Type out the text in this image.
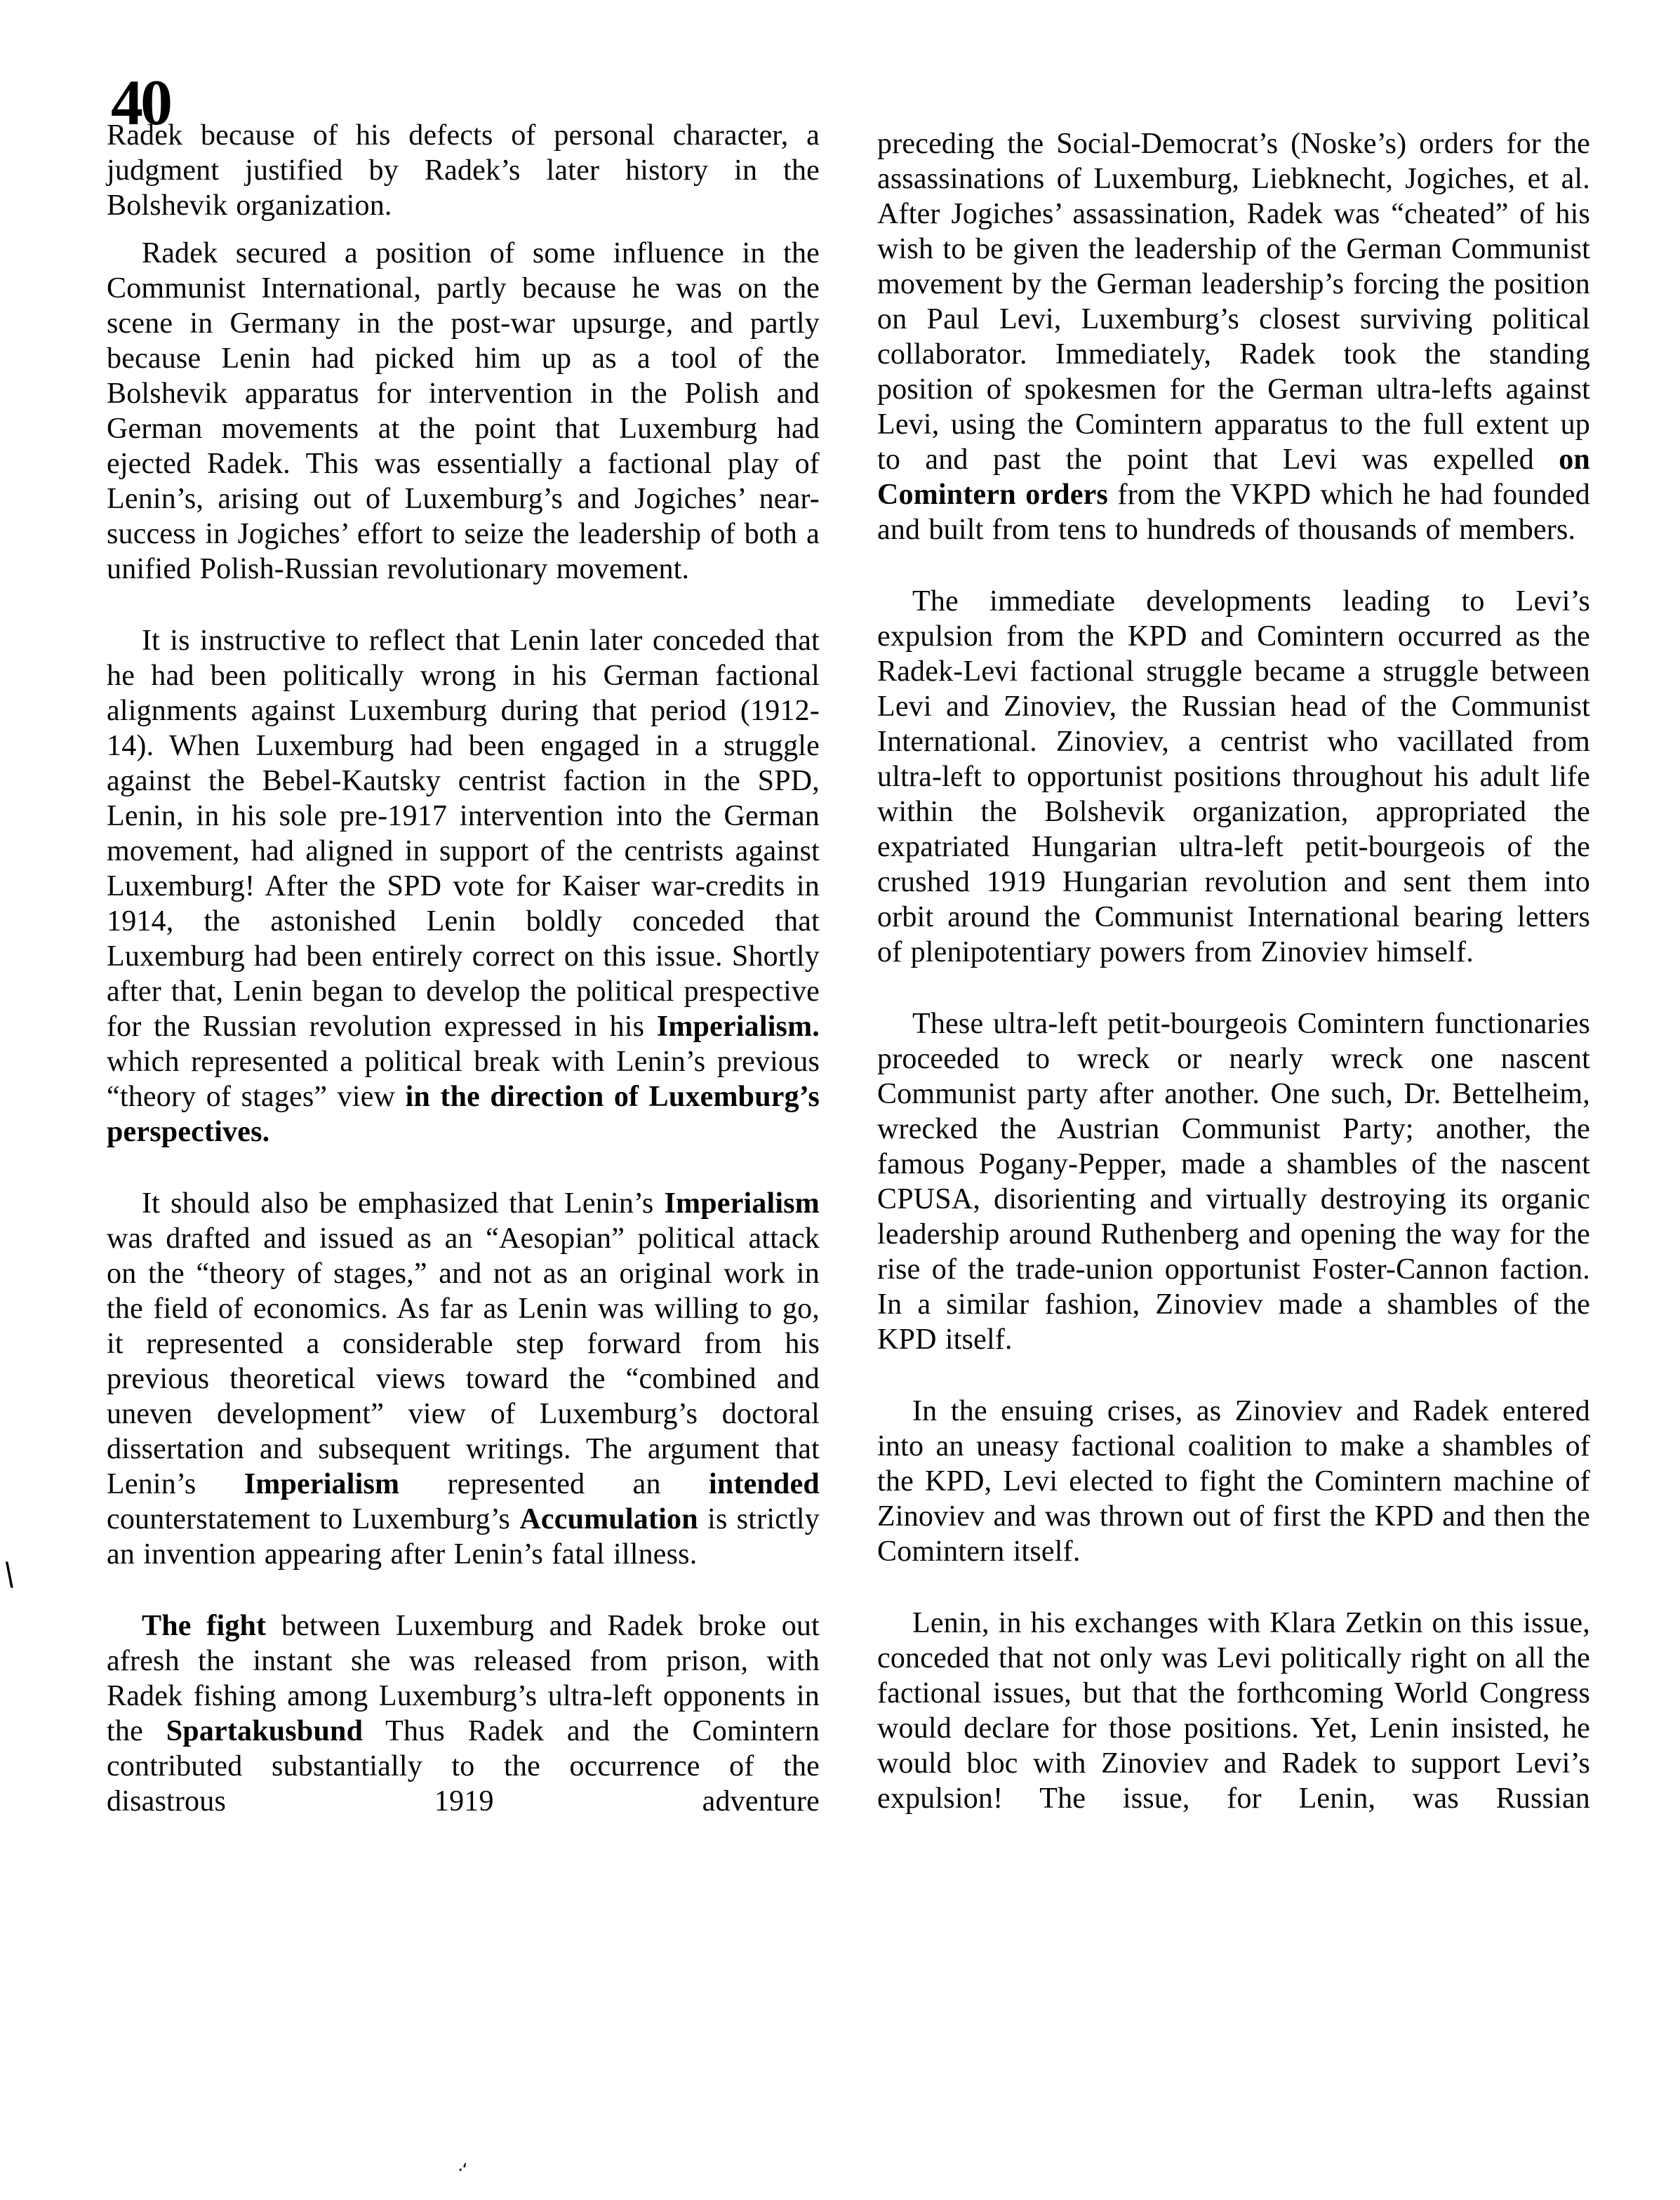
40

Radek because of his defects of personal character, a judgment justified by Radek’s later history in the Bolshevik organization.

Radek secured a position of some influence in the Communist International, partly because he was on the scene in Germany in the post-war upsurge, and partly because Lenin had picked him up as a tool of the Bolshevik apparatus for intervention in the Polish and German movements at the point that Luxemburg had ejected Radek. This was essentially a factional play of Lenin’s, arising out of Luxemburg’s and Jogiches’ near-success in Jogiches’ effort to seize the leadership of both a unified Polish-Russian revolutionary movement.

It is instructive to reflect that Lenin later conceded that he had been politically wrong in his German factional alignments against Luxemburg during that period (1912-14). When Luxemburg had been engaged in a struggle against the Bebel-Kautsky centrist faction in the SPD, Lenin, in his sole pre-1917 intervention into the German movement, had aligned in support of the centrists against Luxemburg! After the SPD vote for Kaiser war-credits in 1914, the astonished Lenin boldly conceded that Luxemburg had been entirely correct on this issue. Shortly after that, Lenin began to develop the political prespective for the Russian revolution expressed in his Imperialism. which represented a political break with Lenin’s previous “theory of stages” view in the direction of Luxemburg’s perspectives.

It should also be emphasized that Lenin’s Imperialism was drafted and issued as an “Aesopian” political attack on the “theory of stages,” and not as an original work in the field of economics. As far as Lenin was willing to go, it represented a considerable step forward from his previous theoretical views toward the “combined and uneven development” view of Luxemburg’s doctoral dissertation and subsequent writings. The argument that Lenin’s Imperialism represented an intended counterstatement to Luxemburg’s Accumulation is strictly an invention appearing after Lenin’s fatal illness.

The fight between Luxemburg and Radek broke out afresh the instant she was released from prison, with Radek fishing among Luxemburg’s ultra-left opponents in the Spartakusbund Thus Radek and the Comintern contributed substantially to the occurrence of the disastrous 1919 adventure

preceding the Social-Democrat’s (Noske’s) orders for the assassinations of Luxemburg, Liebknecht, Jogiches, et al. After Jogiches’ assassination, Radek was “cheated” of his wish to be given the leadership of the German Communist movement by the German leadership’s forcing the position on Paul Levi, Luxemburg’s closest surviving political collaborator. Immediately, Radek took the standing position of spokesmen for the German ultra-lefts against Levi, using the Comintern apparatus to the full extent up to and past the point that Levi was expelled on Comintern orders from the VKPD which he had founded and built from tens to hundreds of thousands of members.

The immediate developments leading to Levi’s expulsion from the KPD and Comintern occurred as the Radek-Levi factional struggle became a struggle between Levi and Zinoviev, the Russian head of the Communist International. Zinoviev, a centrist who vacillated from ultra-left to opportunist positions throughout his adult life within the Bolshevik organization, appropriated the expatriated Hungarian ultra-left petit-bourgeois of the crushed 1919 Hungarian revolution and sent them into orbit around the Communist International bearing letters of plenipotentiary powers from Zinoviev himself.

These ultra-left petit-bourgeois Comintern functionaries proceeded to wreck or nearly wreck one nascent Communist party after another. One such, Dr. Bettelheim, wrecked the Austrian Communist Party; another, the famous Pogany-Pepper, made a shambles of the nascent CPUSA, disorienting and virtually destroying its organic leadership around Ruthenberg and opening the way for the rise of the trade-union opportunist Foster-Cannon faction. In a similar fashion, Zinoviev made a shambles of the KPD itself.

In the ensuing crises, as Zinoviev and Radek entered into an uneasy factional coalition to make a shambles of the KPD, Levi elected to fight the Comintern machine of Zinoviev and was thrown out of first the KPD and then the Comintern itself.

Lenin, in his exchanges with Klara Zetkin on this issue, conceded that not only was Levi politically right on all the factional issues, but that the forthcoming World Congress would declare for those positions. Yet, Lenin insisted, he would bloc with Zinoviev and Radek to support Levi’s expulsion! The issue, for Lenin, was Russian

\
·ʻ
